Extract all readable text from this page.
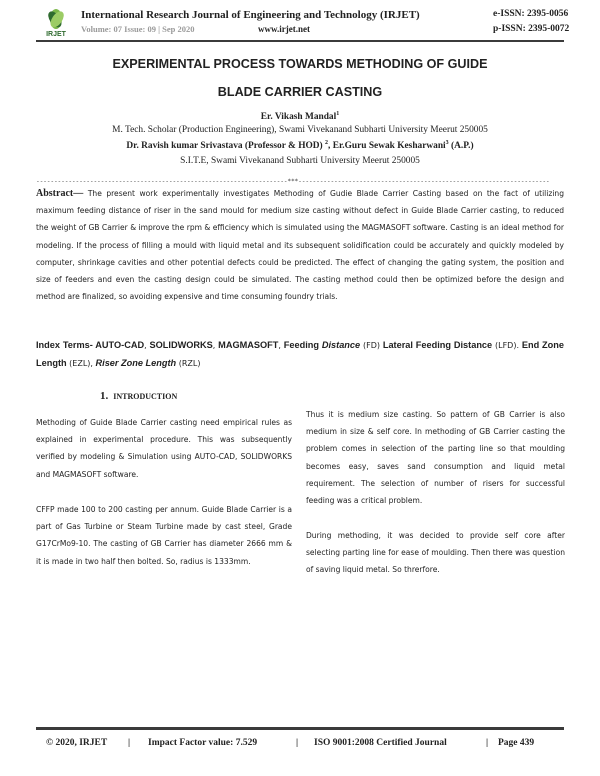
IRJET
International Research Journal of Engineering and Technology (IRJET)	e-ISSN: 2395-0056
Volume: 07 Issue: 09 | Sep 2020	www.irjet.net	p-ISSN: 2395-0072
EXPERIMENTAL PROCESS TOWARDS METHODING OF GUIDE
BLADE CARRIER CASTING
Er. Vikash Mandal$^1$
M. Tech. Scholar (Production Engineering), Swami Vivekanand Subharti University Meerut 250005
Dr. Ravish kumar Srivastava (Professor & HOD) $^2$, Er.Guru Sewak Kesharwani$^3$ (A.P.)
S.I.T.E, Swami Vivekanand Subharti University Meerut 250005
----------------------------------------------------------------------***----------------------------------------------------------------------
Abstract— The present work experimentally investigates Methoding of Gudie Blade Carrier Casting based on the fact of utilizing maximum feeding distance of riser in the sand mould for medium size casting without defect in Guide Blade Carrier casting, to reduced the weight of GB Carrier & improve the rpm & efficiency which is simulated using the MAGMASOFT software. Casting is an ideal method for modeling. If the process of filling a mould with liquid metal and its subsequent solidification could be accurately and quickly modeled by computer, shrinkage cavities and other potential defects could be predicted. The effect of changing the gating system, the position and size of feeders and even the casting design could be simulated. The casting method could then be optimized before the design and method are finalized, so avoiding expensive and time consuming foundry trials.
Index Terms- AUTO-CAD, SOLIDWORKS, MAGMASOFT, Feeding Distance (FD) Lateral Feeding Distance (LFD). End Zone Length (EZL), Riser Zone Length (RZL)
1. INTRODUCTION
Methoding of Guide Blade Carrier casting need empirical rules as explained in experimental procedure. This was subsequently verified by modeling & Simulation using AUTO-CAD, SOLIDWORKS and MAGMASOFT software.
CFFP made 100 to 200 casting per annum. Guide Blade Carrier is a part of Gas Turbine or Steam Turbine made by cast steel, Grade G17CrMo9-10. The casting of GB Carrier has diameter 2666 mm & it is made in two half then bolted. So, radius is 1333mm.
Thus it is medium size casting. So pattern of GB Carrier is also medium in size & self core. In methoding of GB Carrier casting the problem comes in selection of the parting line so that moulding becomes easy, saves sand consumption and liquid metal requirement. The selection of number of risers for successful feeding was a critical problem.
During methoding, it was decided to provide self core after selecting parting line for ease of moulding. Then there was question of saving liquid metal. So threrfore.
© 2020, IRJET | Impact Factor value: 7.529	| ISO 9001:2008 Certified Journal	| Page 439
